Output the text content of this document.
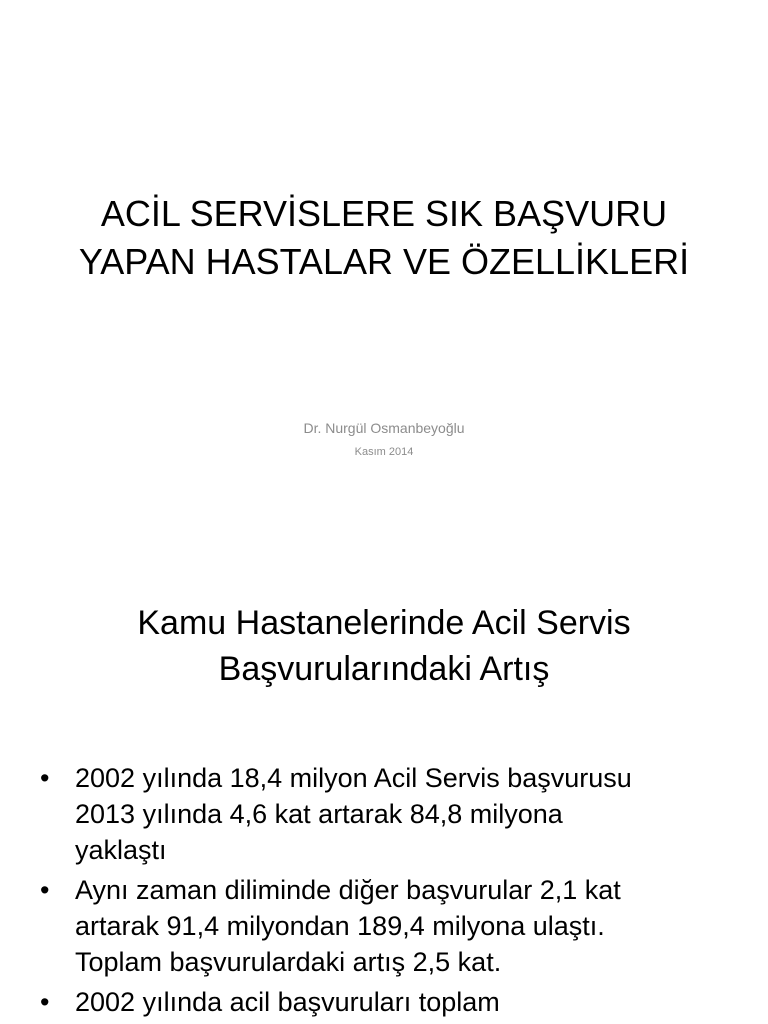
ACİL SERVİSLERE SIK BAŞVURU
YAPAN HASTALAR VE ÖZELLİKLERİ

Dr. Nurgül Osmanbeyoğlu

Kasım 2014

Kamu Hastanelerinde Acil Servis
Başvurularındaki Artış
• 2002 yılında 18,4 milyon Acil Servis başvurusu
2013 yılında 4,6 kat artarak 84,8 milyona
yaklaştı
• Aynı zaman diliminde diğer başvurular 2,1 kat
artarak 91,4 milyondan 189,4 milyona ulaştı.
Toplam başvurulardaki artış 2,5 kat.
• 2002 yılında acil başvuruları toplam
